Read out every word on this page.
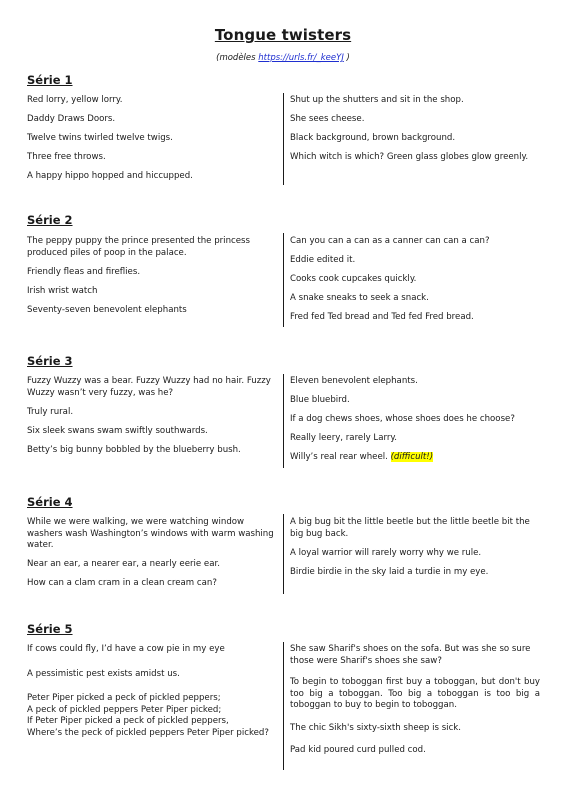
Tongue twisters
(modèles https://urls.fr/_keeYJ )
Série 1
Red lorry, yellow lorry.
Daddy Draws Doors.
Twelve twins twirled twelve twigs.
Three free throws.
A happy hippo hopped and hiccupped.
Shut up the shutters and sit in the shop.
She sees cheese.
Black background, brown background.
Which witch is which? Green glass globes glow greenly.
Série 2
The peppy puppy the prince presented the princess produced piles of poop in the palace.
Friendly fleas and fireflies.
Irish wrist watch
Seventy-seven benevolent elephants
Can you can a can as a canner can can a can?
Eddie edited it.
Cooks cook cupcakes quickly.
A snake sneaks to seek a snack.
Fred fed Ted bread and Ted fed Fred bread.
Série 3
Fuzzy Wuzzy was a bear. Fuzzy Wuzzy had no hair. Fuzzy Wuzzy wasn’t very fuzzy, was he?
Truly rural.
Six sleek swans swam swiftly southwards.
Betty’s big bunny bobbled by the blueberry bush.
Eleven benevolent elephants.
Blue bluebird.
If a dog chews shoes, whose shoes does he choose?
Really leery, rarely Larry.
Willy’s real rear wheel. (difficult!)
Série 4
While we were walking, we were watching window washers wash Washington’s windows with warm washing water.
Near an ear, a nearer ear, a nearly eerie ear.
How can a clam cram in a clean cream can?
A big bug bit the little beetle but the little beetle bit the big bug back.
A loyal warrior will rarely worry why we rule.
Birdie birdie in the sky laid a turdie in my eye.
Série 5
If cows could fly, I’d have a cow pie in my eye
A pessimistic pest exists amidst us.
Peter Piper picked a peck of pickled peppers;
A peck of pickled peppers Peter Piper picked;
If Peter Piper picked a peck of pickled peppers,
Where’s the peck of pickled peppers Peter Piper picked?
She saw Sharif's shoes on the sofa. But was she so sure those were Sharif's shoes she saw?
To begin to toboggan first buy a toboggan, but don't buy too big a toboggan. Too big a toboggan is too big a toboggan to buy to begin to toboggan.
The chic Sikh's sixty-sixth sheep is sick.
Pad kid poured curd pulled cod.
